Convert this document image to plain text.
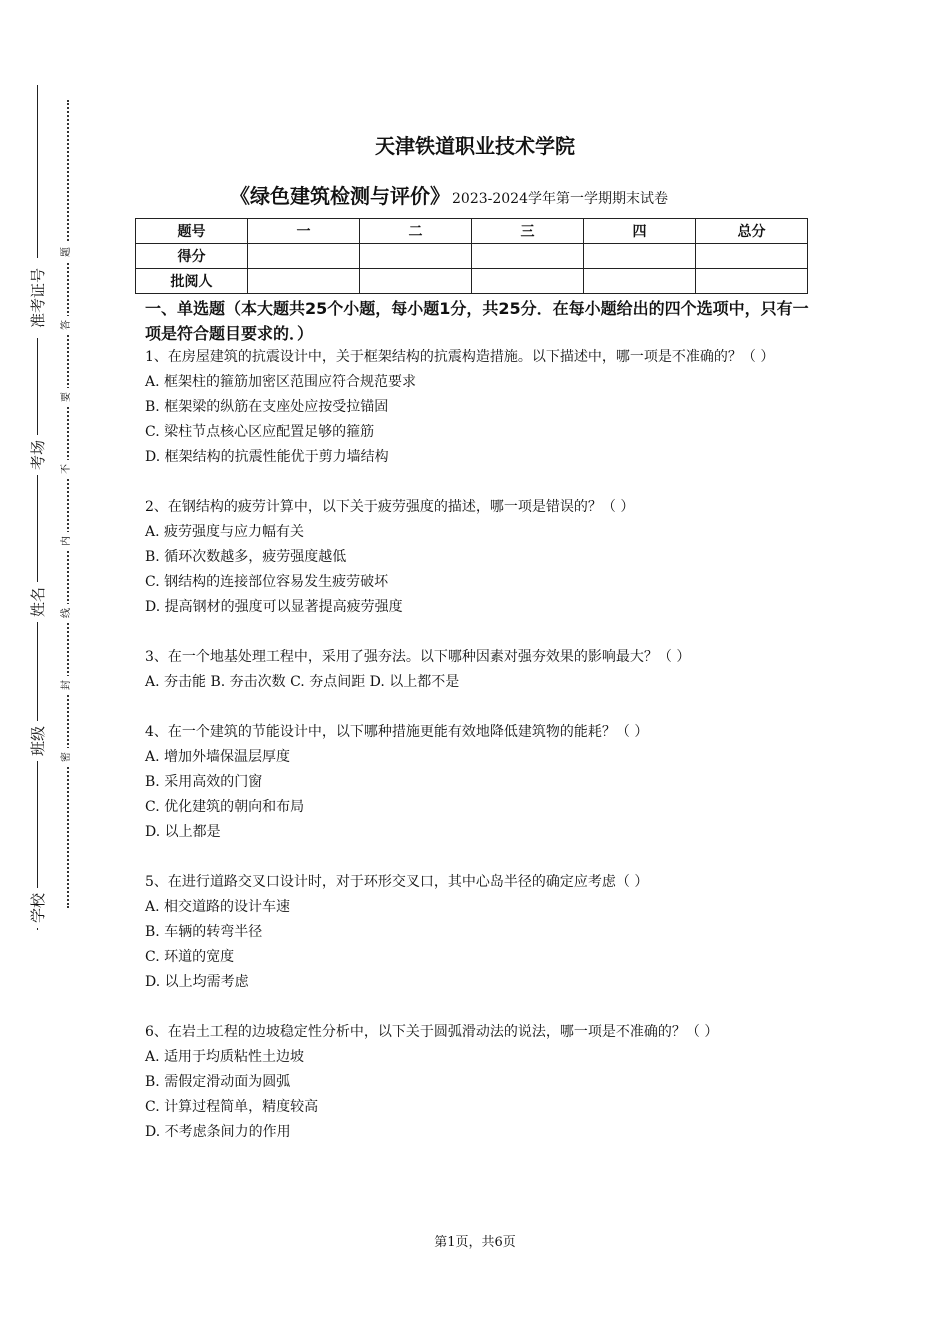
准考证号
考场
姓名
班级
学校
题
答
要
不
内
线
封
密
天津铁道职业技术学院
《绿色建筑检测与评价》 2023-2024学年第一学期期末试卷
题号	一	二	三	四	总分
得分					
批阅人					
一、单选题（本大题共25个小题，每小题1分，共25分．在每小题给出的四个选项中，只有一项是符合题目要求的．）

1、在房屋建筑的抗震设计中，关于框架结构的抗震构造措施。以下描述中，哪一项是不准确的？（ ）

A. 框架柱的箍筋加密区范围应符合规范要求

B. 框架梁的纵筋在支座处应按受拉锚固

C. 梁柱节点核心区应配置足够的箍筋

D. 框架结构的抗震性能优于剪力墙结构

2、在钢结构的疲劳计算中，以下关于疲劳强度的描述，哪一项是错误的？（ ）

A. 疲劳强度与应力幅有关

B. 循环次数越多，疲劳强度越低

C. 钢结构的连接部位容易发生疲劳破坏

D. 提高钢材的强度可以显著提高疲劳强度

3、在一个地基处理工程中，采用了强夯法。以下哪种因素对强夯效果的影响最大？（ ）

A. 夯击能 B. 夯击次数 C. 夯点间距 D. 以上都不是

4、在一个建筑的节能设计中，以下哪种措施更能有效地降低建筑物的能耗？（ ）

A. 增加外墙保温层厚度

B. 采用高效的门窗

C. 优化建筑的朝向和布局

D. 以上都是

5、在进行道路交叉口设计时，对于环形交叉口，其中心岛半径的确定应考虑（ ）

A. 相交道路的设计车速

B. 车辆的转弯半径

C. 环道的宽度

D. 以上均需考虑

6、在岩土工程的边坡稳定性分析中，以下关于圆弧滑动法的说法，哪一项是不准确的？（ ）

A. 适用于均质粘性土边坡

B. 需假定滑动面为圆弧

C. 计算过程简单，精度较高

D. 不考虑条间力的作用

第1页，共6页
